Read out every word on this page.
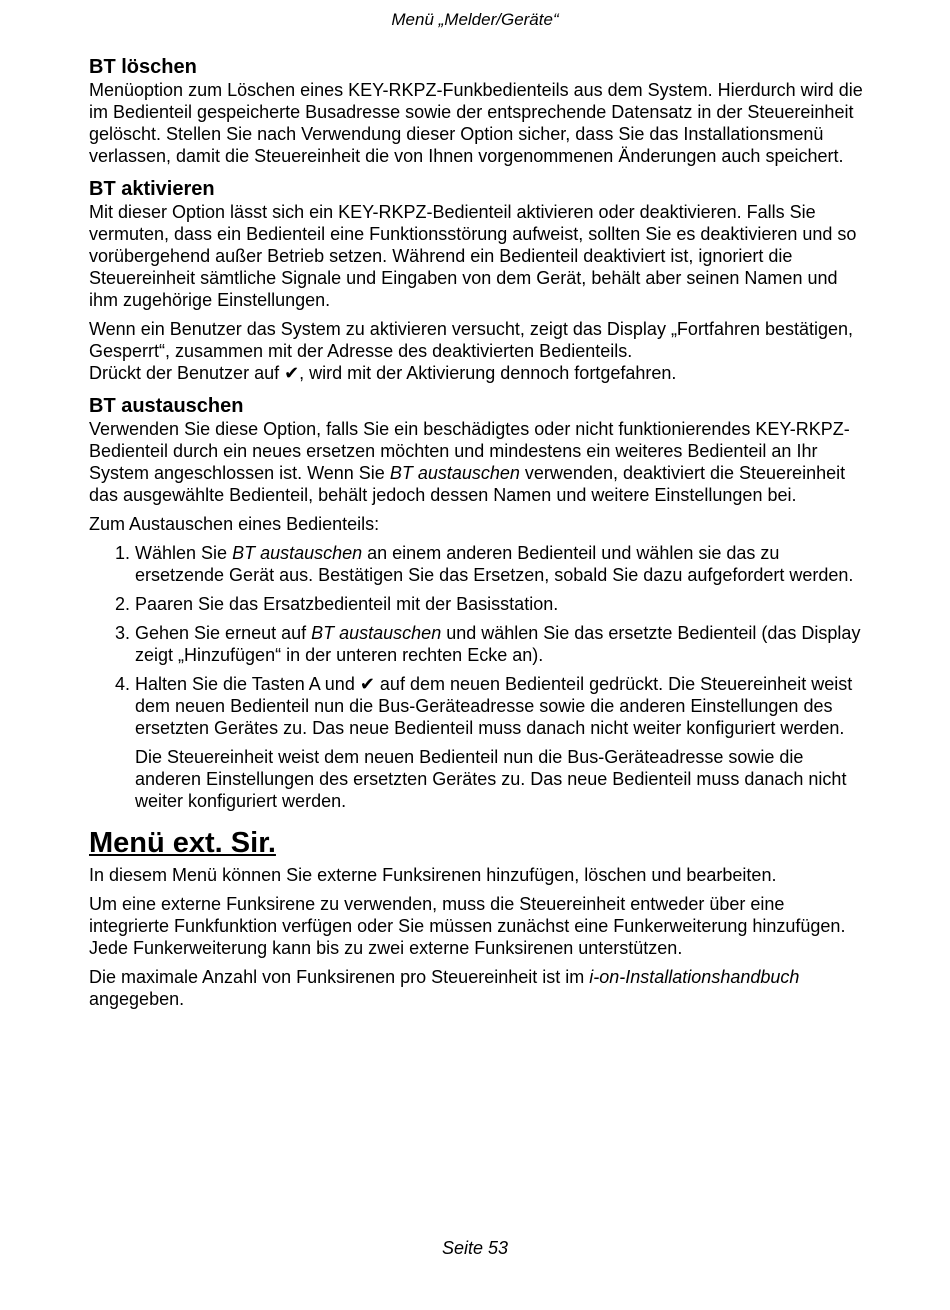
Menü „Melder/Geräte“
BT löschen

Menüoption zum Löschen eines KEY-RKPZ-Funkbedienteils aus dem System. Hierdurch wird die im Bedienteil gespeicherte Busadresse sowie der entsprechende Datensatz in der Steuereinheit gelöscht. Stellen Sie nach Verwendung dieser Option sicher, dass Sie das Installationsmenü verlassen, damit die Steuereinheit die von Ihnen vorgenommenen Änderungen auch speichert.

BT aktivieren

Mit dieser Option lässt sich ein KEY-RKPZ-Bedienteil aktivieren oder deaktivieren. Falls Sie vermuten, dass ein Bedienteil eine Funktionsstörung aufweist, sollten Sie es deaktivieren und so vorübergehend außer Betrieb setzen. Während ein Bedienteil deaktiviert ist, ignoriert die Steuereinheit sämtliche Signale und Eingaben von dem Gerät, behält aber seinen Namen und ihm zugehörige Einstellungen.

Wenn ein Benutzer das System zu aktivieren versucht, zeigt das Display „Fortfahren bestätigen, Gesperrt“, zusammen mit der Adresse des deaktivierten Bedienteils.

Drückt der Benutzer auf ✔, wird mit der Aktivierung dennoch fortgefahren.

BT austauschen

Verwenden Sie diese Option, falls Sie ein beschädigtes oder nicht funktionierendes KEY-RKPZ-Bedienteil durch ein neues ersetzen möchten und mindestens ein weiteres Bedienteil an Ihr System angeschlossen ist. Wenn Sie BT austauschen verwenden, deaktiviert die Steuereinheit das ausgewählte Bedienteil, behält jedoch dessen Namen und weitere Einstellungen bei.

Zum Austauschen eines Bedienteils:

1. Wählen Sie BT austauschen an einem anderen Bedienteil und wählen sie das zu ersetzende Gerät aus. Bestätigen Sie das Ersetzen, sobald Sie dazu aufgefordert werden.
2. Paaren Sie das Ersatzbedienteil mit der Basisstation.
3. Gehen Sie erneut auf BT austauschen und wählen Sie das ersetzte Bedienteil (das Display zeigt „Hinzufügen“ in der unteren rechten Ecke an).
4. Halten Sie die Tasten A und ✔ auf dem neuen Bedienteil gedrückt. Die Steuereinheit weist dem neuen Bedienteil nun die Bus-Geräteadresse sowie die anderen Einstellungen des ersetzten Gerätes zu. Das neue Bedienteil muss danach nicht weiter konfiguriert werden.

Die Steuereinheit weist dem neuen Bedienteil nun die Bus-Geräteadresse sowie die anderen Einstellungen des ersetzten Gerätes zu. Das neue Bedienteil muss danach nicht weiter konfiguriert werden.

Menü ext. Sir.

In diesem Menü können Sie externe Funksirenen hinzufügen, löschen und bearbeiten.

Um eine externe Funksirene zu verwenden, muss die Steuereinheit entweder über eine integrierte Funkfunktion verfügen oder Sie müssen zunächst eine Funkerweiterung hinzufügen. Jede Funkerweiterung kann bis zu zwei externe Funksirenen unterstützen.

Die maximale Anzahl von Funksirenen pro Steuereinheit ist im i-on-Installationshandbuch angegeben.

Seite 53
